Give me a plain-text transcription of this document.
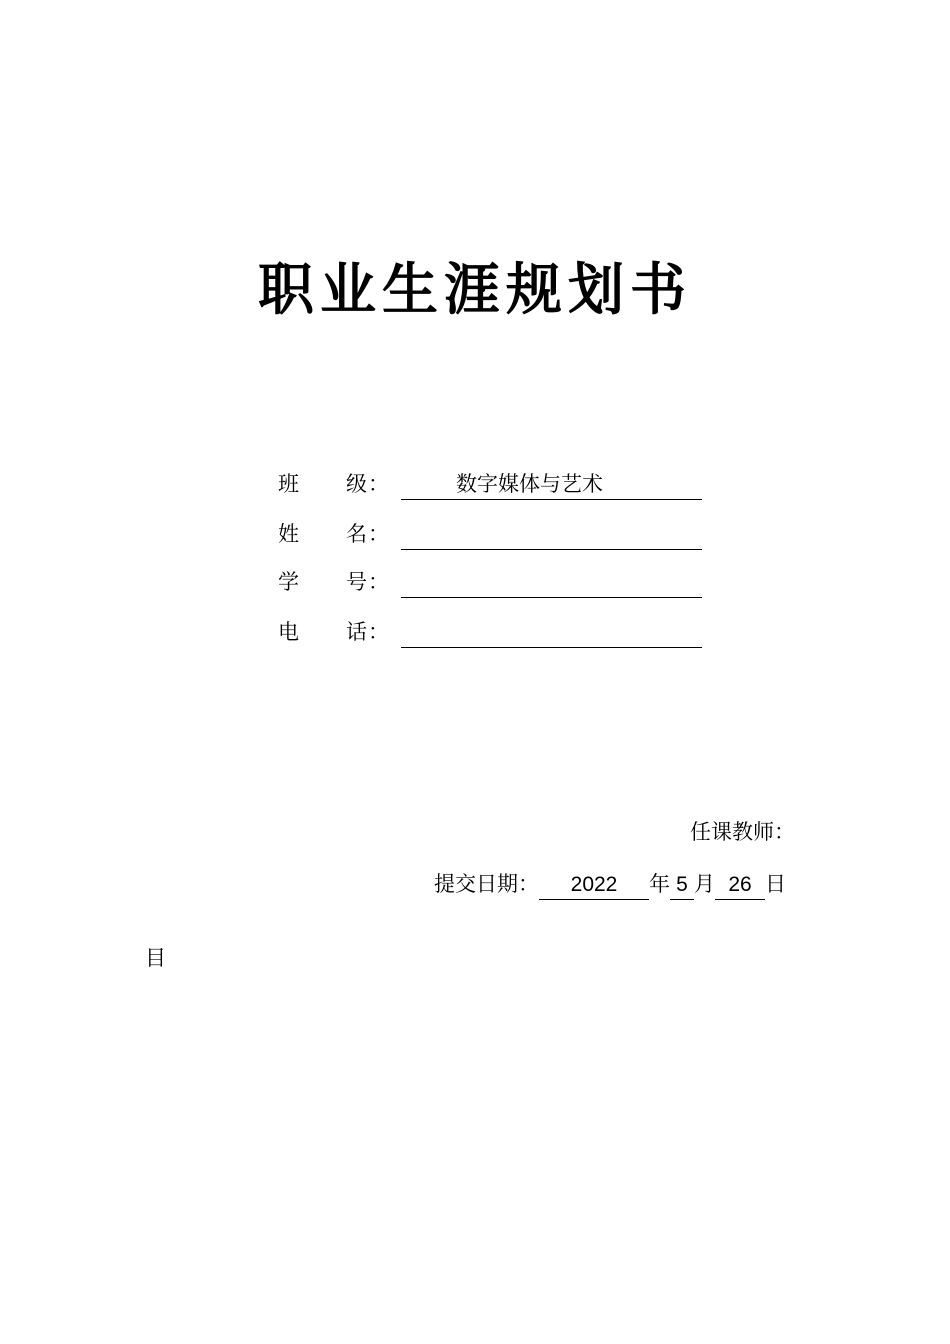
职业生涯规划书
班 级 ：	数字媒体与艺术
姓 名 ：
学 号 ：
电 话 ：
任课教师：
提交日期： 2022 年 5 月 26 日
目
